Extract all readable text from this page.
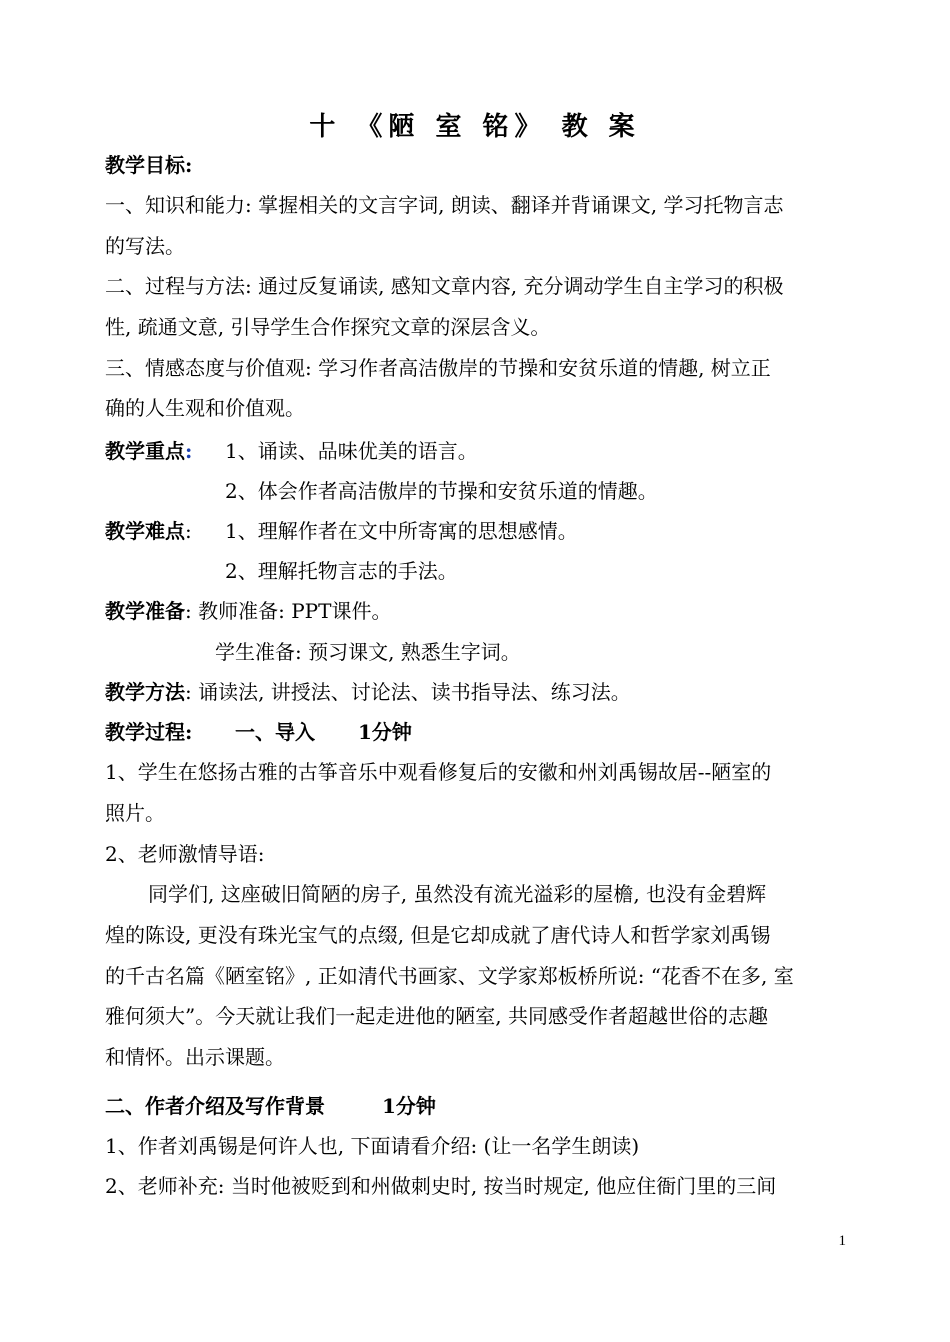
十 《陋 室 铭》 教 案
教学目标:
一、知识和能力: 掌握相关的文言字词, 朗读、翻译并背诵课文, 学习托物言志
的写法。
二、过程与方法: 通过反复诵读, 感知文章内容, 充分调动学生自主学习的积极
性, 疏通文意, 引导学生合作探究文章的深层含义。
三、情感态度与价值观: 学习作者高洁傲岸的节操和安贫乐道的情趣, 树立正
确的人生观和价值观。
教学重点: 1、诵读、品味优美的语言。
2、体会作者高洁傲岸的节操和安贫乐道的情趣。
教学难点: 1、理解作者在文中所寄寓的思想感情。
2、理解托物言志的手法。
教学准备: 教师准备: PPT课件。
学生准备: 预习课文, 熟悉生字词。
教学方法: 诵读法, 讲授法、讨论法、读书指导法、练习法。
教学过程: 一、导入 1分钟
1、学生在悠扬古雅的古筝音乐中观看修复后的安徽和州刘禹锡故居--陋室的
照片。
2、老师激情导语:
同学们, 这座破旧简陋的房子, 虽然没有流光溢彩的屋檐, 也没有金碧辉
煌的陈设, 更没有珠光宝气的点缀, 但是它却成就了唐代诗人和哲学家刘禹锡
的千古名篇《陋室铭》, 正如清代书画家、文学家郑板桥所说: “花香不在多, 室
雅何须大”。今天就让我们一起走进他的陋室, 共同感受作者超越世俗的志趣
和情怀。出示课题。
二、作者介绍及写作背景	1分钟
1、作者刘禹锡是何许人也, 下面请看介绍: (让一名学生朗读)
2、老师补充: 当时他被贬到和州做刺史时, 按当时规定, 他应住衙门里的三间
1
